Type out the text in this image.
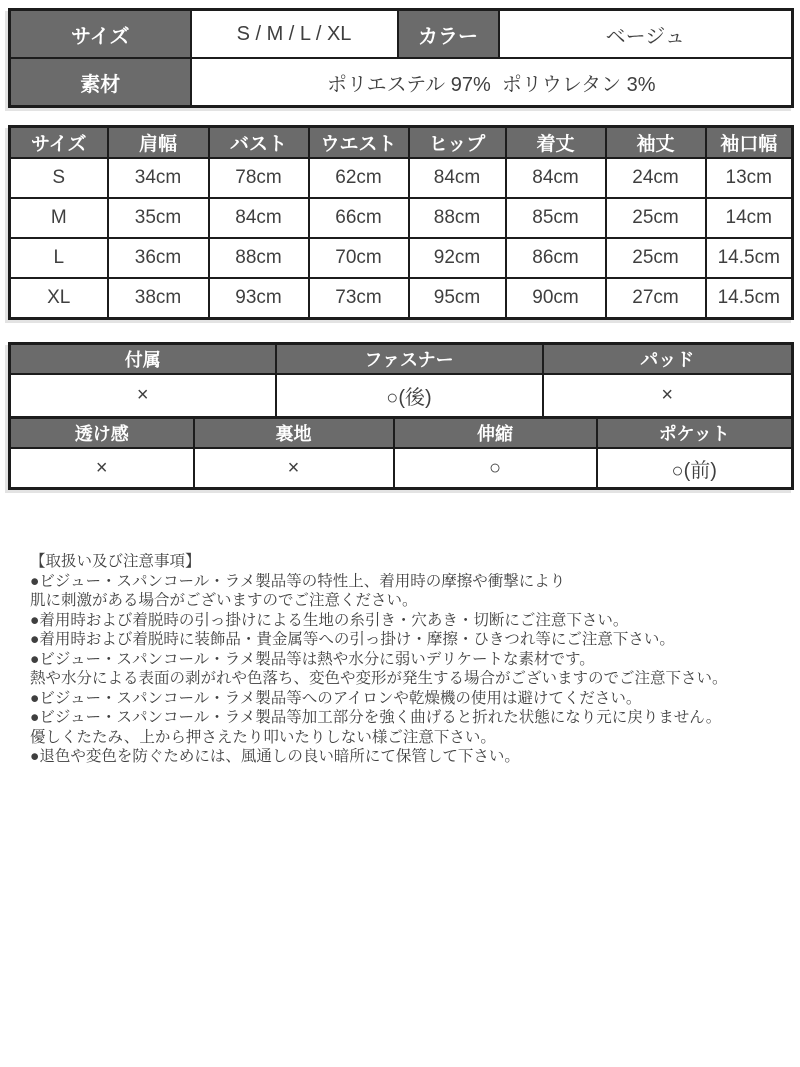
サイズ	S / M / L / XL	カラー	ベージュ
素材	ポリエステル 97%  ポリウレタン 3%		
サイズ	肩幅	バスト	ウエスト	ヒップ	着丈	袖丈	袖口幅
S	34cm	78cm	62cm	84cm	84cm	24cm	13cm
M	35cm	84cm	66cm	88cm	85cm	25cm	14cm
L	36cm	88cm	70cm	92cm	86cm	25cm	14.5cm
XL	38cm	93cm	73cm	95cm	90cm	27cm	14.5cm
付属	ファスナー	パッド
×	○(後)	×
透け感	裏地	伸縮	ポケット
×	×	○	○(前)
【取扱い及び注意事項】
●ビジュー・スパンコール・ラメ製品等の特性上、着用時の摩擦や衝撃により
肌に刺激がある場合がございますのでご注意ください。
●着用時および着脱時の引っ掛けによる生地の糸引き・穴あき・切断にご注意下さい。
●着用時および着脱時に装飾品・貴金属等への引っ掛け・摩擦・ひきつれ等にご注意下さい。
●ビジュー・スパンコール・ラメ製品等は熱や水分に弱いデリケートな素材です。
熱や水分による表面の剥がれや色落ち、変色や変形が発生する場合がございますのでご注意下さい。
●ビジュー・スパンコール・ラメ製品等へのアイロンや乾燥機の使用は避けてください。
●ビジュー・スパンコール・ラメ製品等加工部分を強く曲げると折れた状態になり元に戻りません。
優しくたたみ、上から押さえたり叩いたりしない様ご注意下さい。
●退色や変色を防ぐためには、風通しの良い暗所にて保管して下さい。
